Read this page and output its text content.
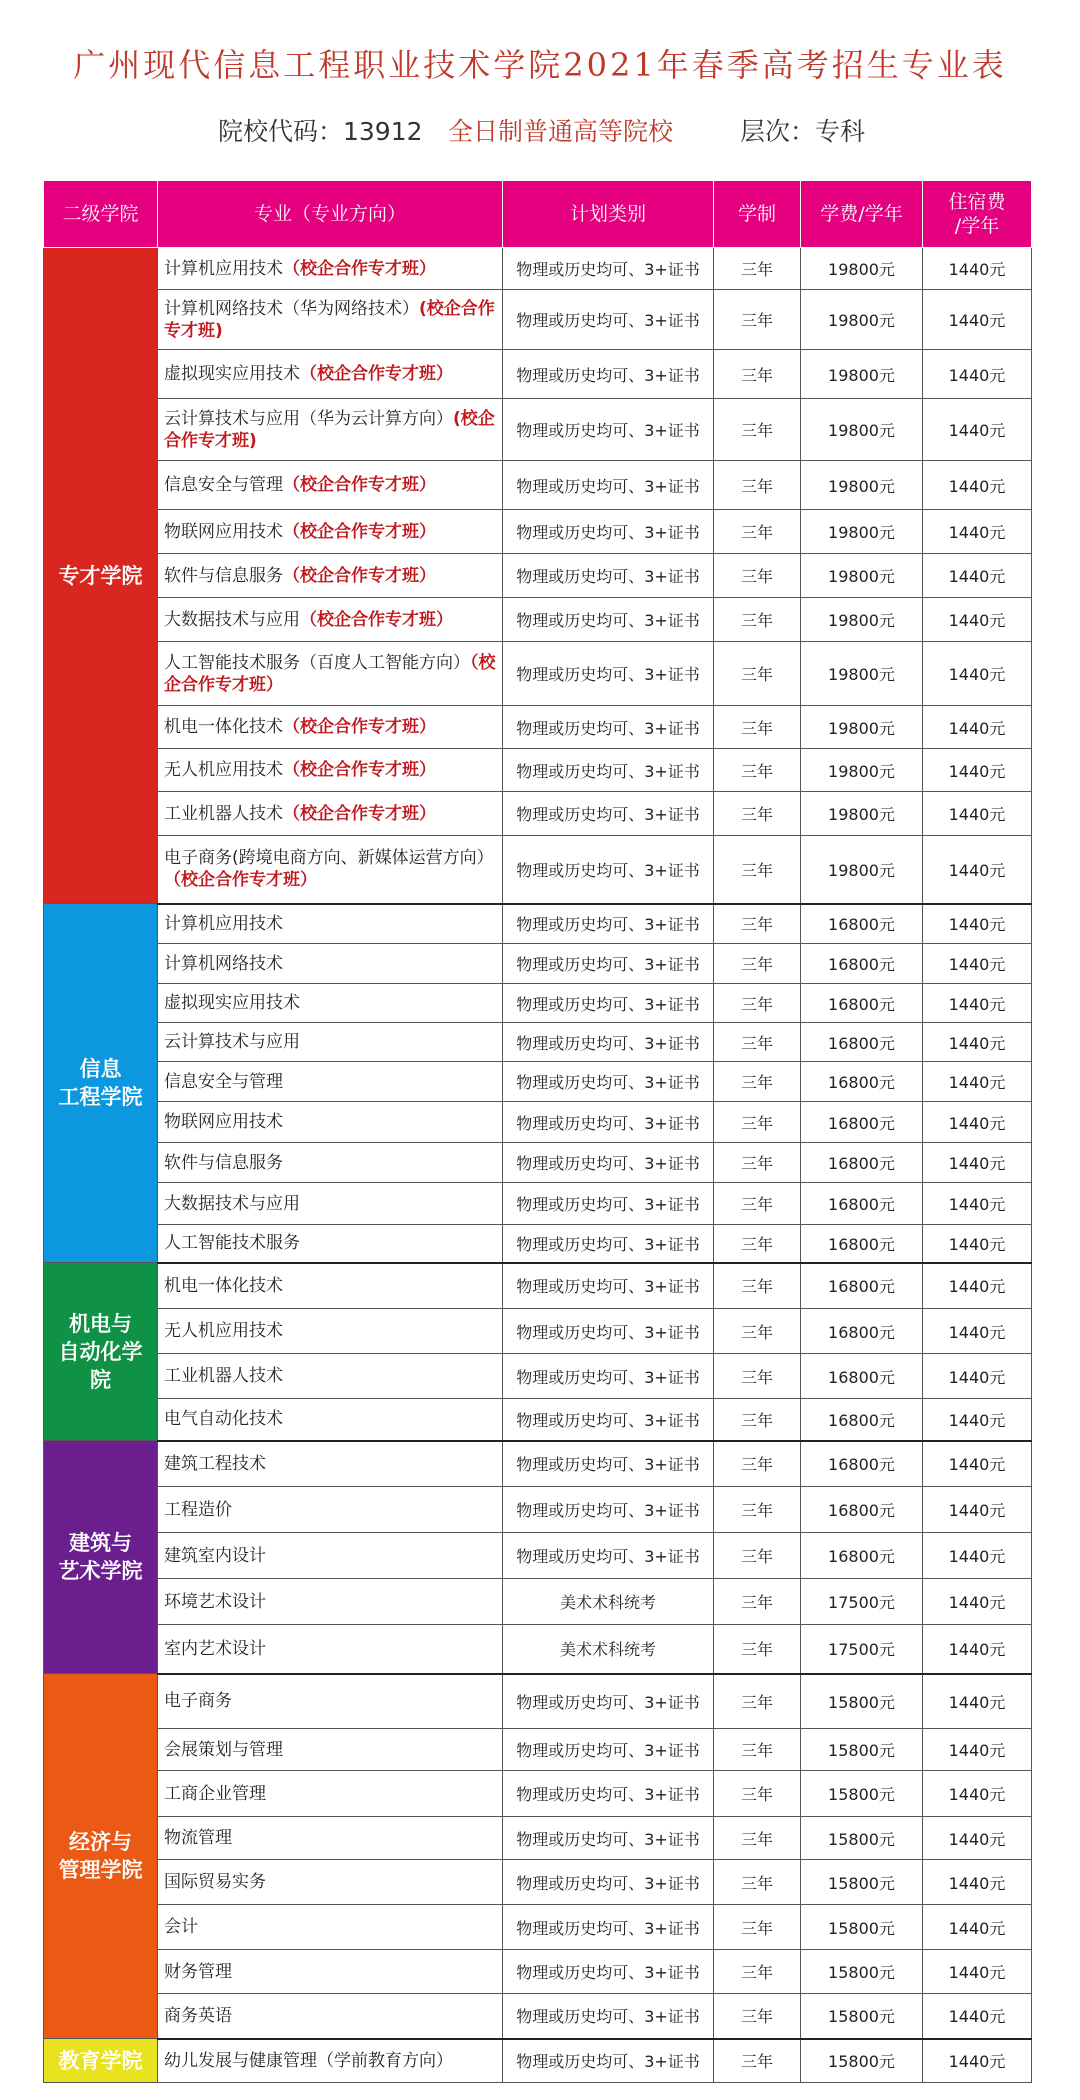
广州现代信息工程职业技术学院2021年春季高考招生专业表
院校代码：13912 全日制普通高等院校	层次：专科
二级学院	专业（专业方向）	计划类别	学制	学费/学年	住宿费
/学年
专才学院	计算机应用技术（校企合作专才班）	物理或历史均可、3+证书	三年	19800元	1440元
	计算机网络技术（华为网络技术）(校企合作专才班)	物理或历史均可、3+证书	三年	19800元	1440元
	虚拟现实应用技术（校企合作专才班）	物理或历史均可、3+证书	三年	19800元	1440元
	云计算技术与应用（华为云计算方向）(校企合作专才班)	物理或历史均可、3+证书	三年	19800元	1440元
	信息安全与管理（校企合作专才班）	物理或历史均可、3+证书	三年	19800元	1440元
	物联网应用技术（校企合作专才班）	物理或历史均可、3+证书	三年	19800元	1440元
	软件与信息服务（校企合作专才班）	物理或历史均可、3+证书	三年	19800元	1440元
	大数据技术与应用（校企合作专才班）	物理或历史均可、3+证书	三年	19800元	1440元
	人工智能技术服务（百度人工智能方向）（校企合作专才班）	物理或历史均可、3+证书	三年	19800元	1440元
	机电一体化技术（校企合作专才班）	物理或历史均可、3+证书	三年	19800元	1440元
	无人机应用技术（校企合作专才班）	物理或历史均可、3+证书	三年	19800元	1440元
	工业机器人技术（校企合作专才班）	物理或历史均可、3+证书	三年	19800元	1440元
	电子商务(跨境电商方向、新媒体运营方向）（校企合作专才班）	物理或历史均可、3+证书	三年	19800元	1440元
信息
工程学院	计算机应用技术	物理或历史均可、3+证书	三年	16800元	1440元
	计算机网络技术	物理或历史均可、3+证书	三年	16800元	1440元
	虚拟现实应用技术	物理或历史均可、3+证书	三年	16800元	1440元
	云计算技术与应用	物理或历史均可、3+证书	三年	16800元	1440元
	信息安全与管理	物理或历史均可、3+证书	三年	16800元	1440元
	物联网应用技术	物理或历史均可、3+证书	三年	16800元	1440元
	软件与信息服务	物理或历史均可、3+证书	三年	16800元	1440元
	大数据技术与应用	物理或历史均可、3+证书	三年	16800元	1440元
	人工智能技术服务	物理或历史均可、3+证书	三年	16800元	1440元
机电与
自动化学院	机电一体化技术	物理或历史均可、3+证书	三年	16800元	1440元
	无人机应用技术	物理或历史均可、3+证书	三年	16800元	1440元
	工业机器人技术	物理或历史均可、3+证书	三年	16800元	1440元
	电气自动化技术	物理或历史均可、3+证书	三年	16800元	1440元
建筑与
艺术学院	建筑工程技术	物理或历史均可、3+证书	三年	16800元	1440元
	工程造价	物理或历史均可、3+证书	三年	16800元	1440元
	建筑室内设计	物理或历史均可、3+证书	三年	16800元	1440元
	环境艺术设计	美术术科统考	三年	17500元	1440元
	室内艺术设计	美术术科统考	三年	17500元	1440元
经济与
管理学院	电子商务	物理或历史均可、3+证书	三年	15800元	1440元
	会展策划与管理	物理或历史均可、3+证书	三年	15800元	1440元
	工商企业管理	物理或历史均可、3+证书	三年	15800元	1440元
	物流管理	物理或历史均可、3+证书	三年	15800元	1440元
	国际贸易实务	物理或历史均可、3+证书	三年	15800元	1440元
	会计	物理或历史均可、3+证书	三年	15800元	1440元
	财务管理	物理或历史均可、3+证书	三年	15800元	1440元
	商务英语	物理或历史均可、3+证书	三年	15800元	1440元
教育学院	幼儿发展与健康管理（学前教育方向）	物理或历史均可、3+证书	三年	15800元	1440元
